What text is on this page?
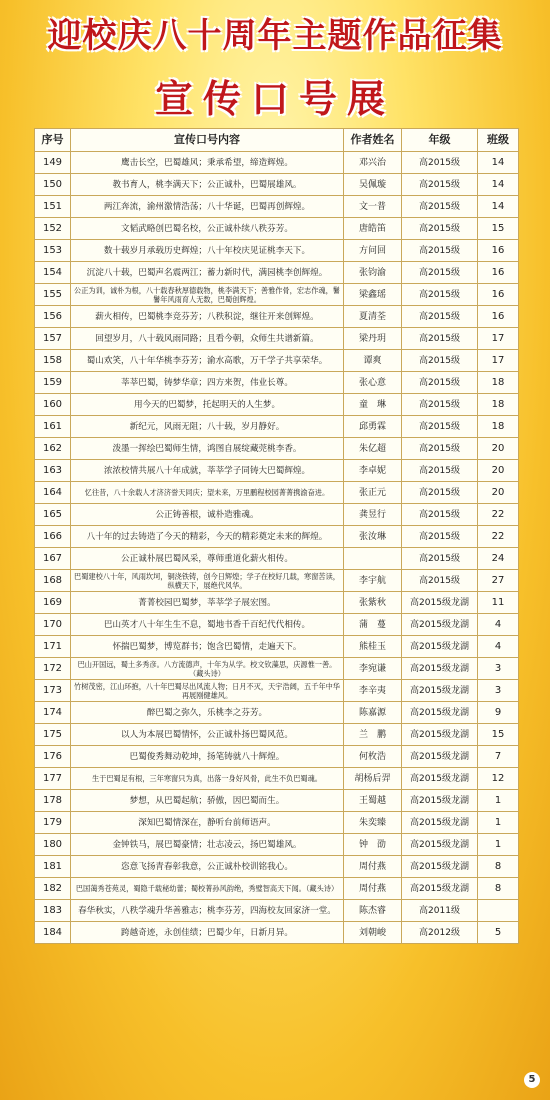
迎校庆八十周年主题作品征集
宣传口号展
序号	宣传口号内容	作者姓名	年级	班级
149	鹰击长空，巴蜀雄风；秉承希望，缔造辉煌。	邓兴治	高2015级	14
150	教书育人，桃李满天下；公正诚朴，巴蜀展雄风。	吴佩璇	高2015级	14
151	两江奔流，渝州激情浩荡；八十华诞，巴蜀再创辉煌。	文一普	高2015级	14
152	文韬武略创巴蜀名校，公正诚朴续八秩芬芳。	唐皓笛	高2015级	15
153	数十载岁月承载历史辉煌；八十年校庆见证桃李天下。	方问回	高2015级	16
154	沉淀八十载，巴蜀声名震两江；蓄力新时代，满园桃李创辉煌。	张钧渝	高2015级	16
155	公正为训，诚朴为根，八十载春秋厚德载物，桃李满天下；善雅作骨，宏志作魂，鬐鬐年风雨育人无数，巴蜀创辉煌。	梁鑫瑶	高2015级	16
156	薪火相传，巴蜀桃李竞芬芳；八秩积淀，继往开来创辉煌。	夏清荃	高2015级	16
157	回望岁月，八十载风雨同路；且看今朝，众师生共谱新篇。	梁丹玥	高2015级	17
158	蜀山欢笑，八十年华桃李芬芳；渝水高歌，万千学子共享荣华。	谭爽	高2015级	17
159	莘莘巴蜀，铸梦华章；四方来贺，伟业长尊。	张心意	高2015级	18
160	用今天的巴蜀梦，托起明天的人生梦。	童　琳	高2015级	18
161	新纪元，风雨无阻；八十载，岁月静好。	邱勇霖	高2015级	18
162	泼墨一挥绘巴蜀师生情，鸿图自展绽藏莞桃李香。	朱亿超	高2015级	20
163	浓浓校情共展八十年成就，莘莘学子同铸大巴蜀辉煌。	李卓妮	高2015级	20
164	忆往昔，八十余载人才济济誉天同庆；望未来，万里鹏程校园菁菁携渝奋进。	张正元	高2015级	20
165	公正铸善根，诚朴造雅魂。	龚昱行	高2015级	22
166	八十年的过去铸造了今天的精彩，今天的精彩奠定未来的辉煌。	张汝琳	高2015级	22
167	公正诚朴展巴蜀风采，尊师重道化薪火相传。		高2015级	24
168	巴蜀建校八十年，风雨坎坷，铜浇铁铸，创今日辉煌；学子在校好几载，寒窗苦读，纵横天下，展绝代风华。	李宇航	高2015级	27
169	菁菁校园巴蜀梦，莘莘学子展宏图。	张紫秋	高2015级龙湖	11
170	巴山英才八十年生生不息，蜀地书香千百纪代代相传。	蒲　蔓	高2015级龙湖	4
171	怀揣巴蜀梦，博览群书；饱含巴蜀情，走遍天下。	熊桂玉	高2015级龙湖	4
172	巴山开国远，蜀土多秀彦。八方流德声，十年为从学。校文钦藻思，庆源惟一善。（藏头诗）	李宛谦	高2015级龙湖	3
173	竹树茂密，江山环抱，八十年巴蜀尽出风流人物；日月不灭，天宇浩阔，五千年中华再展刚健雄风。	李辛夷	高2015级龙湖	3
174	醉巴蜀之弥久，乐桃李之芬芳。	陈嘉源	高2015级龙湖	9
175	以人为本展巴蜀情怀，公正诚朴扬巴蜀风范。	兰　鹏	高2015级龙湖	15
176	巴蜀俊秀舞动乾坤，扬笔铸就八十辉煌。	何枚浩	高2015级龙湖	7
177	生于巴蜀足有根，三年寒窗只为真，出落一身好风骨，此生不负巴蜀魂。	胡杨后羿	高2015级龙湖	12
178	梦想，从巴蜀起航；骄傲，因巴蜀而生。	王蜀越	高2015级龙湖	1
179	深知巴蜀情深在，静听台前师语声。	朱奕臻	高2015级龙湖	1
180	金钟铁马，展巴蜀豪情；壮志凌云，扬巴蜀雄风。	钟　劭	高2015级龙湖	1
181	恣意飞扬青春彰我意，公正诚朴校训铭我心。	周付燕	高2015级龙湖	8
182	巴国蔼秀苍苑灵，蜀隐千载秘幼蕾；蜀校菁孙风韵绝，秀璧智高天下闻。（藏头诗）	周付燕	高2015级龙湖	8
183	春华秋实，八秩学魂升华善雅志；桃李芬芳，四海校友回家济一堂。	陈杰睿	高2011级	
184	跨越奇迹，永创佳绩；巴蜀少年，日新月异。	刘朝峻	高2012级	5
5
